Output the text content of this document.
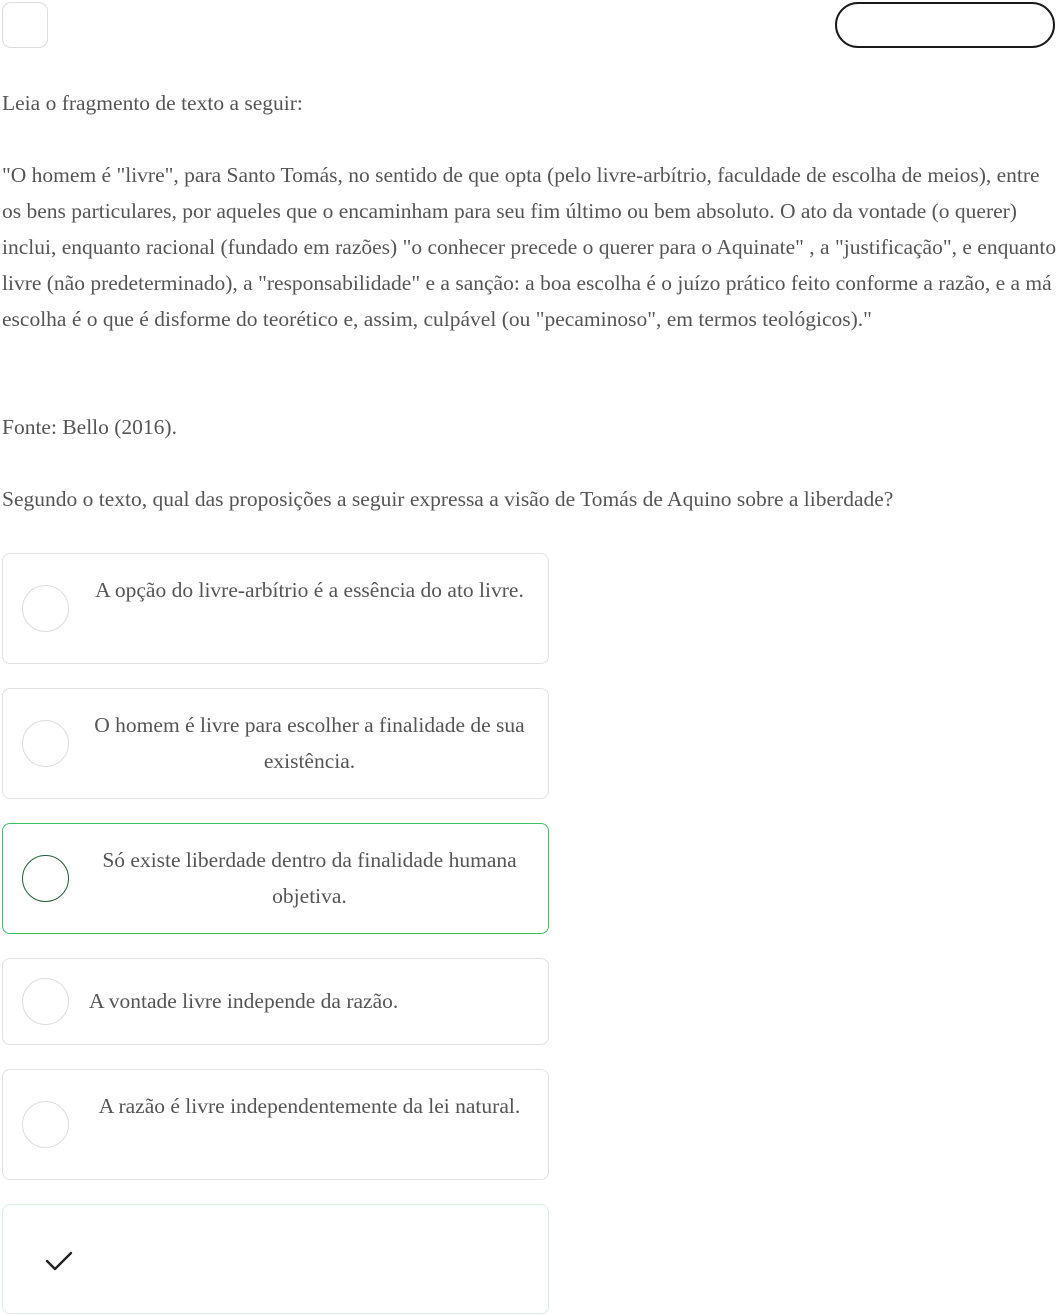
Leia o fragmento de texto a seguir:

"O homem é "livre", para Santo Tomás, no sentido de que opta (pelo livre-arbítrio, faculdade de escolha de meios), entre os bens particulares, por aqueles que o encaminham para seu fim último ou bem absoluto. O ato da vontade (o querer) inclui, enquanto racional (fundado em razões) "o conhecer precede o querer para o Aquinate" , a "justificação", e enquanto livre (não predeterminado), a "responsabilidade" e a sanção: a boa escolha é o juízo prático feito conforme a razão, e a má escolha é o que é disforme do teorético e, assim, culpável (ou "pecaminoso", em termos teológicos)."

Fonte: Bello (2016).

Segundo o texto, qual das proposições a seguir expressa a visão de Tomás de Aquino sobre a liberdade?

A opção do livre-arbítrio é a essência do ato livre.
O homem é livre para escolher a finalidade de sua existência.
Só existe liberdade dentro da finalidade humana objetiva.
A vontade livre independe da razão.
A razão é livre independentemente da lei natural.
